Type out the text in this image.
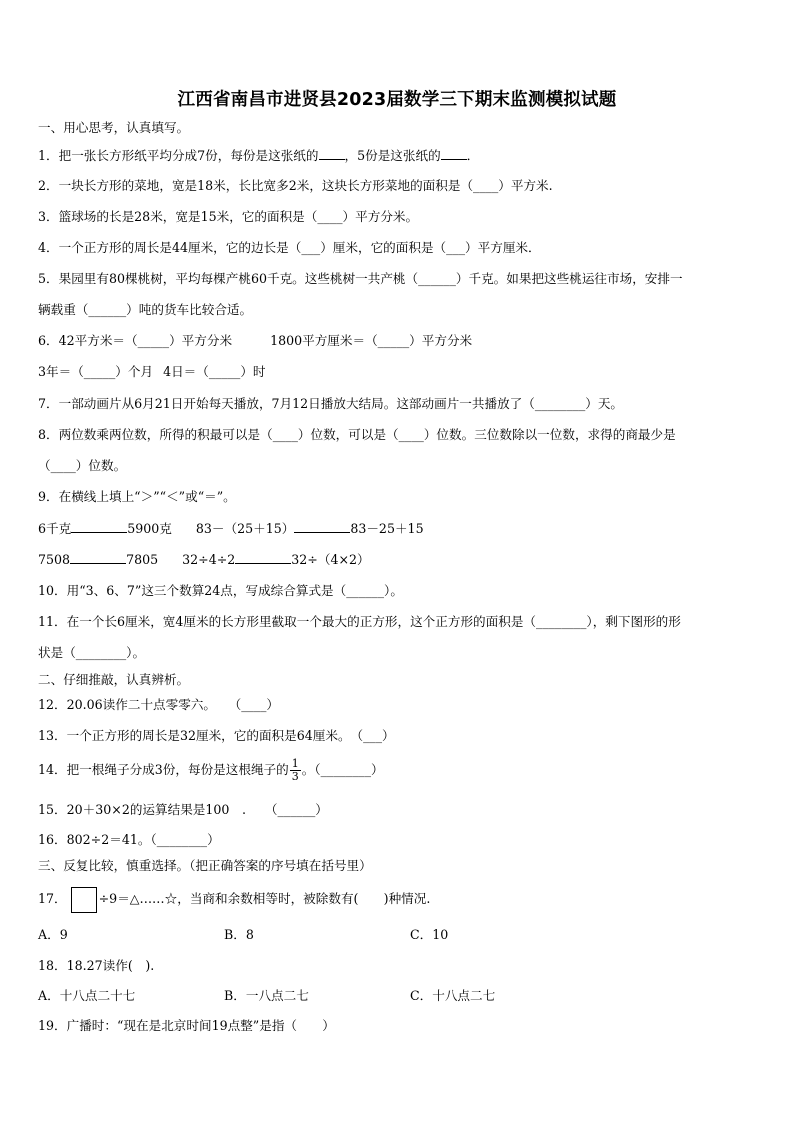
江西省南昌市进贤县2023届数学三下期末监测模拟试题
一、用心思考，认真填写。
1．把一张长方形纸平均分成7份，每份是这张纸的 ，5份是这张纸的 ．
2．一块长方形的菜地，宽是18米，长比宽多2米，这块长方形菜地的面积是（____）平方米.
3．篮球场的长是28米，宽是15米，它的面积是（____）平方分米。
4．一个正方形的周长是44厘米，它的边长是（___）厘米，它的面积是（___）平方厘米．
5．果园里有80棵桃树，平均每棵产桃60千克。这些桃树一共产桃（______）千克。如果把这些桃运往市场，安排一
辆载重（______）吨的货车比较合适。
6．42平方米＝（_____）平方分米	1800平方厘米＝（_____）平方分米
3年＝（_____）个月 4日＝（_____）时
7．一部动画片从6月21日开始每天播放，7月12日播放大结局。这部动画片一共播放了（________）天。
8．两位数乘两位数，所得的积最可以是（____）位数，可以是（____）位数。三位数除以一位数，求得的商最少是
（____）位数。
9．在横线上填上“＞”“＜”或“＝”。
6千克	5900克 83－（25＋15）	83－25＋15
7508	7805 32÷4÷2	32÷（4×2）
10．用“3、6、7”这三个数算24点，写成综合算式是（______）。
11．在一个长6厘米，宽4厘米的长方形里截取一个最大的正方形，这个正方形的面积是（________），剩下图形的形
状是（________）。
二、仔细推敲，认真辨析。
12．20.06读作二十点零零六。　　（____）
13．一个正方形的周长是32厘米，它的面积是64厘米。　（___）
14．把一根绳子分成3份，每份是这根绳子的 $\frac{1}{3}$ 。（________）
15．20＋30×2的运算结果是100　.　　（______）
16．802÷2＝41。（________）
三、反复比较，慎重选择。（把正确答案的序号填在括号里）
17．	÷9＝△……☆，当商和余数相等时，被除数有(　　)种情况.
A．9	B．8	C．10
18．18.27读作(　).
A．十八点二十七	B．一八点二七	C．十八点二七
19．广播时：“现在是北京时间19点整”是指（　　）
